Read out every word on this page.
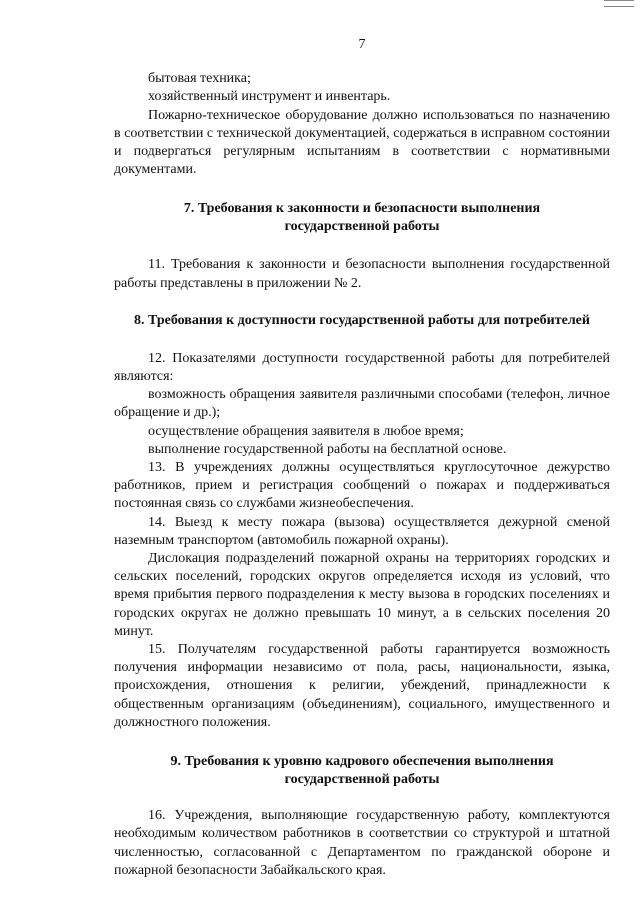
7

бытовая техника;

хозяйственный инструмент и инвентарь.

Пожарно-техническое оборудование должно использоваться по назначению в соответствии с технической документацией, содержаться в исправном состоянии и подвергаться регулярным испытаниям в соответствии с нормативными документами.

7. Требования к законности и безопасности выполнения
государственной работы

11. Требования к законности и безопасности выполнения государственной работы представлены в приложении № 2.

8. Требования к доступности государственной работы для потребителей

12. Показателями доступности государственной работы для потребителей являются:

возможность обращения заявителя различными способами (телефон, личное обращение и др.);

осуществление обращения заявителя в любое время;

выполнение государственной работы на бесплатной основе.

13. В учреждениях должны осуществляться круглосуточное дежурство работников, прием и регистрация сообщений о пожарах и поддерживаться постоянная связь со службами жизнеобеспечения.

14. Выезд к месту пожара (вызова) осуществляется дежурной сменой наземным транспортом (автомобиль пожарной охраны).

Дислокация подразделений пожарной охраны на территориях городских и сельских поселений, городских округов определяется исходя из условий, что время прибытия первого подразделения к месту вызова в городских поселениях и городских округах не должно превышать 10 минут, а в сельских поселения 20 минут.

15. Получателям государственной работы гарантируется возможность получения информации независимо от пола, расы, национальности, языка, происхождения, отношения к религии, убеждений, принадлежности к общественным организациям (объединениям), социального, имущественного и должностного положения.

9. Требования к уровню кадрового обеспечения выполнения
государственной работы

16. Учреждения, выполняющие государственную работу, комплектуются необходимым количеством работников в соответствии со структурой и штатной численностью, согласованной с Департаментом по гражданской обороне и пожарной безопасности Забайкальского края.
